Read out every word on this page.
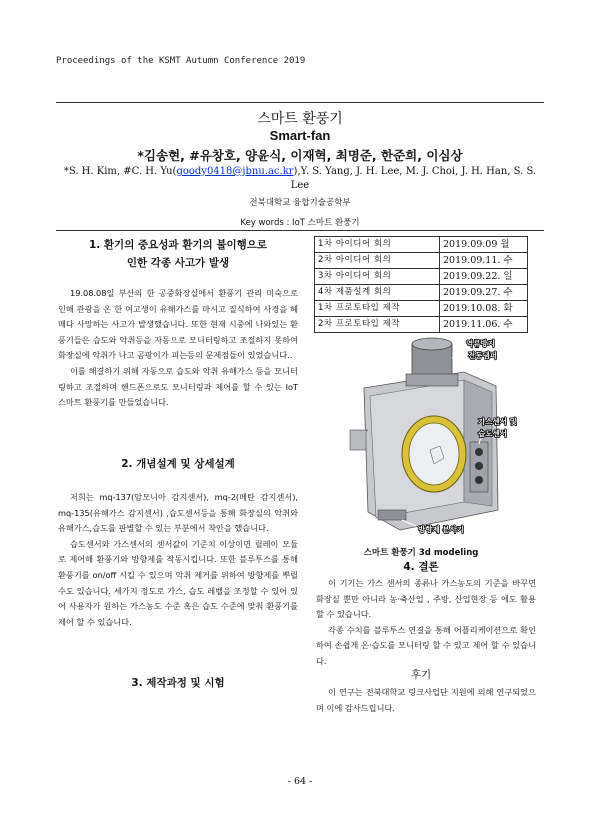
Proceedings of the KSMT Autumn Conference 2019
스마트 환풍기
Smart-fan
*김송현, #유창호, 양윤식, 이재혁, 최명준, 한준희, 이심상
*S. H. Kim, #C. H. Yu(goody0418@jbnu.ac.kr),Y. S. Yang, J. H. Lee, M. J. Choi, J. H. Han, S. S. Lee
전북대학교 융합기술공학부
Key words : IoT 스마트 환풍기
1. 환기의 중요성과 환기의 불이행으로
인한 각종 사고가 발생

19.08.08일 부산의 한 공중화장실에서 환풍기 관리 미숙으로 인해 관광을 온 한 여고생이 유해가스를 마시고 질식하여 사경을 헤매다 사망하는 사고가 발생했습니다. 또한 현재 시중에 나와있는 환풍기들은 습도와 악취등을 자동으로 모니터링하고 조절하지 못하여 화장실에 악취가 나고 곰팡이가 피는등의 문제점들이 있었습니다..

이를 해결하기 위해 자동으로 습도와 악취 유해가스 등을 모니터링하고 조절하며 핸드폰으로도 모니터링과 제어를 할 수 있는 IoT 스마트 환풍기를 만들었습니다.

2. 개념설계 및 상세설계

저희는 mq-137(암모니아 감지센서), mq-2(메탄 감지센서), mq-135(유해가스 감지센서) ,습도센서등을 통해 화장실의 악취와 유해가스,습도를 판별할 수 있는 부분에서 착안을 했습니다.

습도센서와 가스센서의 센서값이 기준치 이상이면 릴레이 모듈로 제어해 환풍기와 방향제를 작동시킵니다. 또한 블루투스를 통해 환풍기를 on/off 시킬 수 있으며 악취 제거를 위하여 방향제를 뿌릴 수도 있습니다. 세가지 정도로 가스, 습도 레벨을 조정할 수 있어 있어 사용자가 원하는 가스농도 수준 혹은 습도 수준에 맞춰 환풍기를 제어 할 수 있습니다.

3. 제작과정 및 시험
1차 아이디어 회의	2019.09.09 월
2차 아이디어 회의	2019.09.11. 수
3차 아이디어 회의	2019.09.22. 일
4차 제품설계 회의	2019.09.27. 수
1차 프로토타입 제작	2019.10.08. 화
2차 프로토타입 제작	2019.11.06. 수
역류방지
전동댐퍼
가스센서 및
습도센서
방향제 분사기
스마트 환풍기 3d modeling
4. 결론

이 기기는 가스 센서의 종류나 가스농도의 기준을 바꾸면 화장실 뿐만 아니라 농·축산업 , 주방, 산업현장 등 에도 활용할 수 있습니다.

각종 수치를 블루투스 연결을 통해 어플리케이션으로 확인하여 손쉽게 온·습도를 모니터링 할 수 있고 제어 할 수 있습니다.

후기

이 연구는 전북대학교 링크사업단 지원에 의해 연구되었으며 이에 감사드립니다.

- 64 -
